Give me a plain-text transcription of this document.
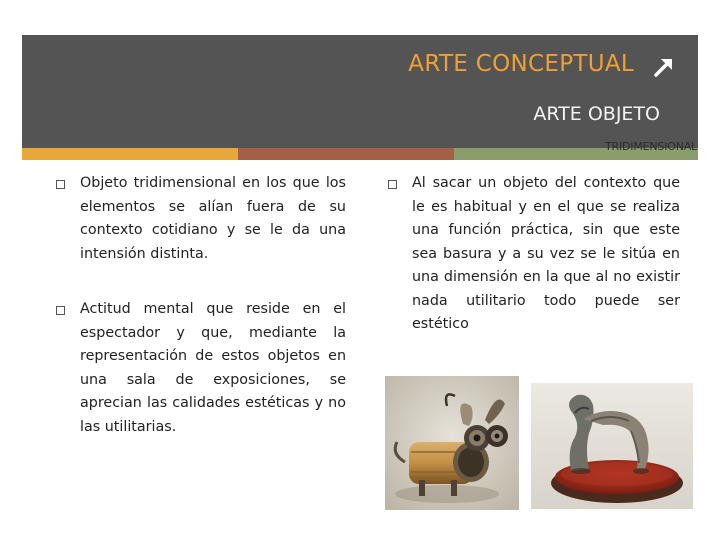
ARTE CONCEPTUAL
ARTE OBJETO
TRIDIMENSIONAL
Objeto tridimensional en los que los elementos se alían fuera de su contexto cotidiano y se le da una intensión distinta.
Actitud mental que reside en el espectador y que, mediante la representación de estos objetos en una sala de exposiciones, se aprecian las calidades estéticas y no las utilitarias.
Al sacar un objeto del contexto que le es habitual y en el que se realiza una función práctica, sin que este sea basura y a su vez se le sitúa en una dimensión en la que al no existir nada utilitario todo puede ser estético
